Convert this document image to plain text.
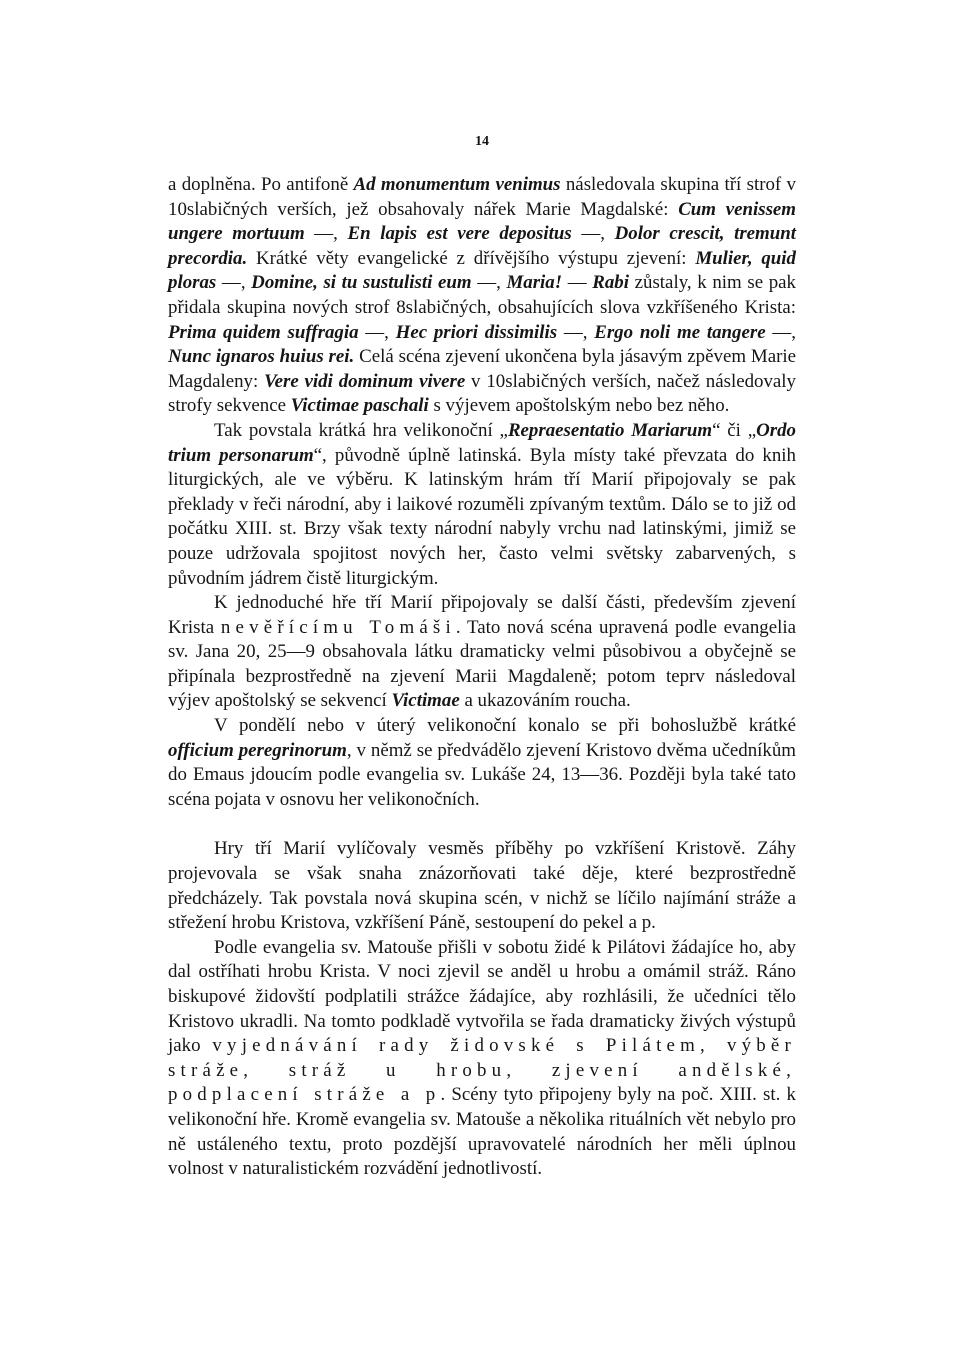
14

a doplněna. Po antifoně Ad monumentum venimus následovala skupina tří strof v 10slabičných verších, jež obsahovaly nářek Marie Magdalské: Cum venissem ungere mortuum —, En lapis est vere depositus —, Dolor crescit, tremunt precordia. Krátké věty evangelické z dřívějšího výstupu zjevení: Mulier, quid ploras —, Domine, si tu sustulisti eum —, Maria! — Rabi zůstaly, k nim se pak přidala skupina nových strof 8slabičných, obsahujících slova vzkříšeného Krista: Prima quidem suffragia —, Hec priori dissimilis —, Ergo noli me tangere —, Nunc ignaros huius rei. Celá scéna zjevení ukončena byla jásavým zpěvem Marie Magdaleny: Vere vidi dominum vivere v 10slabičných verších, načež následovaly strofy sekvence Victimae paschali s výjevem apoštolským nebo bez něho.

Tak povstala krátká hra velikonoční „Repraesentatio Mariarum“ či „Ordo trium personarum“, původně úplně latinská. Byla místy také převzata do knih liturgických, ale ve výběru. K latinským hrám tří Marií připojovaly se pak překlady v řeči národní, aby i laikové rozuměli zpívaným textům. Dálo se to již od počátku XIII. st. Brzy však texty národní nabyly vrchu nad latinskými, jimiž se pouze udržovala spojitost nových her, často velmi světsky zabarvených, s původním jádrem čistě liturgickým.

K jednoduché hře tří Marií připojovaly se další části, především zjevení Krista nevěřícímu Tomáši. Tato nová scéna upravená podle evangelia sv. Jana 20, 25—9 obsahovala látku dramaticky velmi působivou a obyčejně se připínala bezprostředně na zjevení Marii Magdaleně; potom teprv následoval výjev apoštolský se sekvencí Victimae a ukazováním roucha.

V pondělí nebo v úterý velikonoční konalo se při bohoslužbě krátké officium peregrinorum, v němž se předvádělo zjevení Kristovo dvěma učedníkům do Emaus jdoucím podle evangelia sv. Lukáše 24, 13—36. Později byla také tato scéna pojata v osnovu her velikonočních.

Hry tří Marií vylíčovaly vesměs příběhy po vzkříšení Kristově. Záhy projevovala se však snaha znázorňovati také děje, které bezprostředně předcházely. Tak povstala nová skupina scén, v nichž se líčilo najímání stráže a střežení hrobu Kristova, vzkříšení Páně, sestoupení do pekel a p.

Podle evangelia sv. Matouše přišli v sobotu židé k Pilátovi žádajíce ho, aby dal ostříhati hrobu Krista. V noci zjevil se anděl u hrobu a omámil stráž. Ráno biskupové židovští podplatili strážce žádajíce, aby rozhlásili, že učedníci tělo Kristovo ukradli. Na tomto podkladě vytvořila se řada dramaticky živých výstupů jako vyjednávání rady židovské s Pilátem, výběr stráže, stráž u hrobu, zjevení andělské, podplacení stráže a p. Scény tyto připojeny byly na poč. XIII. st. k velikonoční hře. Kromě evangelia sv. Matouše a několika rituálních vět nebylo pro ně ustáleného textu, proto pozdější upravovatelé národních her měli úplnou volnost v naturalistickém rozvádění jednotlivostí.
